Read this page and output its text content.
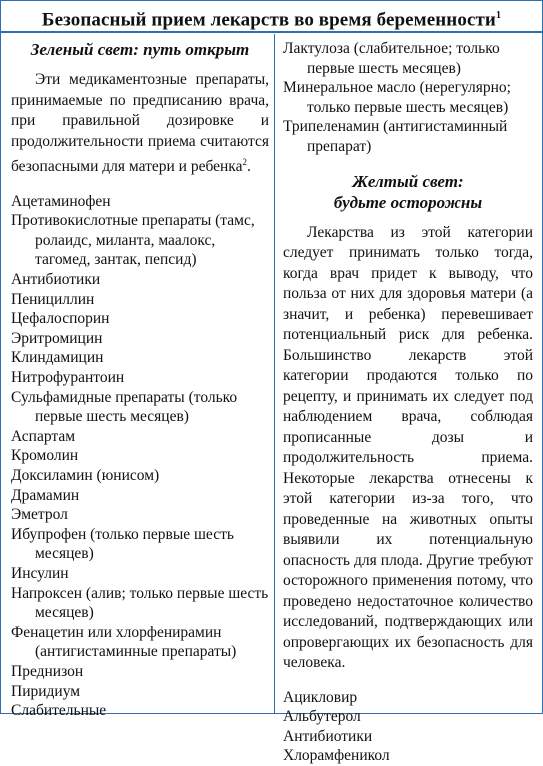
Безопасный прием лекарств во время беременности$^1$

Зеленый свет: путь открыт

Эти медикаментозные препараты, принимаемые по предписанию врача, при правильной дозировке и продолжительности приема считаются безопасными для матери и ребенка$^2$.

Ацетаминофен
Противокислотные препараты (тамс, ролаидс, миланта, маалокс, тагомед, зантак, пепсид)
Антибиотики
Пенициллин
Цефалоспорин
Эритромицин
Клиндамицин
Нитрофурантоин
Сульфамидные препараты (только первые шесть месяцев)
Аспартам
Кромолин
Доксиламин (юнисом)
Драмамин
Эметрол
Ибупрофен (только первые шесть месяцев)
Инсулин
Напроксен (алив; только первые шесть месяцев)
Фенацетин или хлорфенирамин (антигистаминные препараты)
Преднизон
Пиридиум
Слабительные
Лактулоза (слабительное; только первые шесть месяцев)
Минеральное масло (нерегулярно; только первые шесть месяцев)
Трипеленамин (антигистаминный препарат)

Желтый свет:
будьте осторожны

Лекарства из этой категории следует принимать только тогда, когда врач придет к выводу, что польза от них для здоровья матери (а значит, и ребенка) перевешивает потенциальный риск для ребенка. Большинство лекарств этой категории продаются только по рецепту, и принимать их следует под наблюдением врача, соблюдая прописанные дозы и продолжительность приема. Некоторые лекарства отнесены к этой категории из-за того, что проведенные на животных опыты выявили их потенциальную опасность для плода. Другие требуют осторожного применения потому, что проведено недостаточное количество исследований, подтверждающих или опровергающих их безопасность для человека.

Ацикловир
Альбутерол
Антибиотики
Хлорамфеникол
